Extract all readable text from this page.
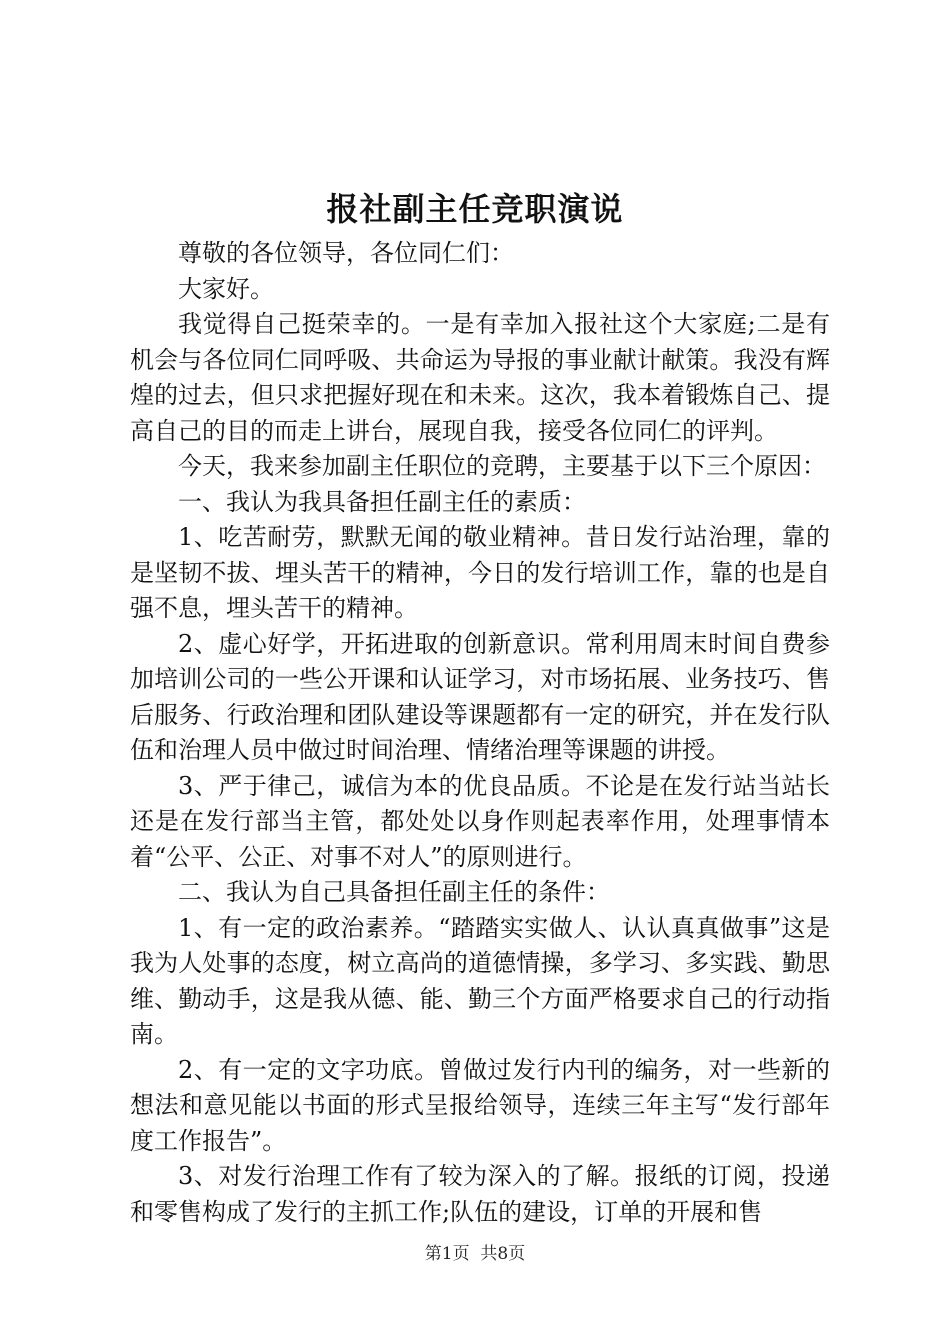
报社副主任竞职演说

尊敬的各位领导，各位同仁们：

大家好。

我觉得自己挺荣幸的。一是有幸加入报社这个大家庭;二是有机会与各位同仁同呼吸、共命运为导报的事业献计献策。我没有辉煌的过去，但只求把握好现在和未来。这次，我本着锻炼自己、提高自己的目的而走上讲台，展现自我，接受各位同仁的评判。

今天，我来参加副主任职位的竞聘，主要基于以下三个原因：

一、我认为我具备担任副主任的素质：

1、吃苦耐劳，默默无闻的敬业精神。昔日发行站治理，靠的是坚韧不拔、埋头苦干的精神，今日的发行培训工作，靠的也是自强不息，埋头苦干的精神。

2、虚心好学，开拓进取的创新意识。常利用周末时间自费参加培训公司的一些公开课和认证学习，对市场拓展、业务技巧、售后服务、行政治理和团队建设等课题都有一定的研究，并在发行队伍和治理人员中做过时间治理、情绪治理等课题的讲授。

3、严于律己，诚信为本的优良品质。不论是在发行站当站长还是在发行部当主管，都处处以身作则起表率作用，处理事情本着“公平、公正、对事不对人”的原则进行。

二、我认为自己具备担任副主任的条件：

1、有一定的政治素养。“踏踏实实做人、认认真真做事”这是我为人处事的态度，树立高尚的道德情操，多学习、多实践、勤思维、勤动手，这是我从德、能、勤三个方面严格要求自己的行动指南。

2、有一定的文字功底。曾做过发行内刊的编务，对一些新的想法和意见能以书面的形式呈报给领导，连续三年主写“发行部年度工作报告”。

3、对发行治理工作有了较为深入的了解。报纸的订阅，投递和零售构成了发行的主抓工作;队伍的建设，订单的开展和售

第1页 共8页
